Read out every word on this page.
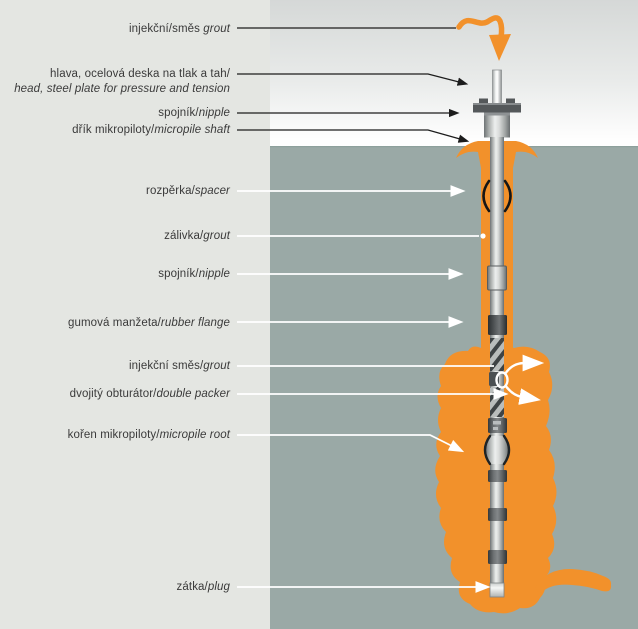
injekční/směs grout
hlava, ocelová deska na tlak a tah/
head, steel plate for pressure and tension
spojník/nipple
dřík mikropiloty/micropile shaft
rozpěrka/spacer
zálivka/grout
spojník/nipple
gumová manžeta/rubber flange
injekční směs/grout
dvojitý obturátor/double packer
kořen mikropiloty/micropile root
zátka/plug
